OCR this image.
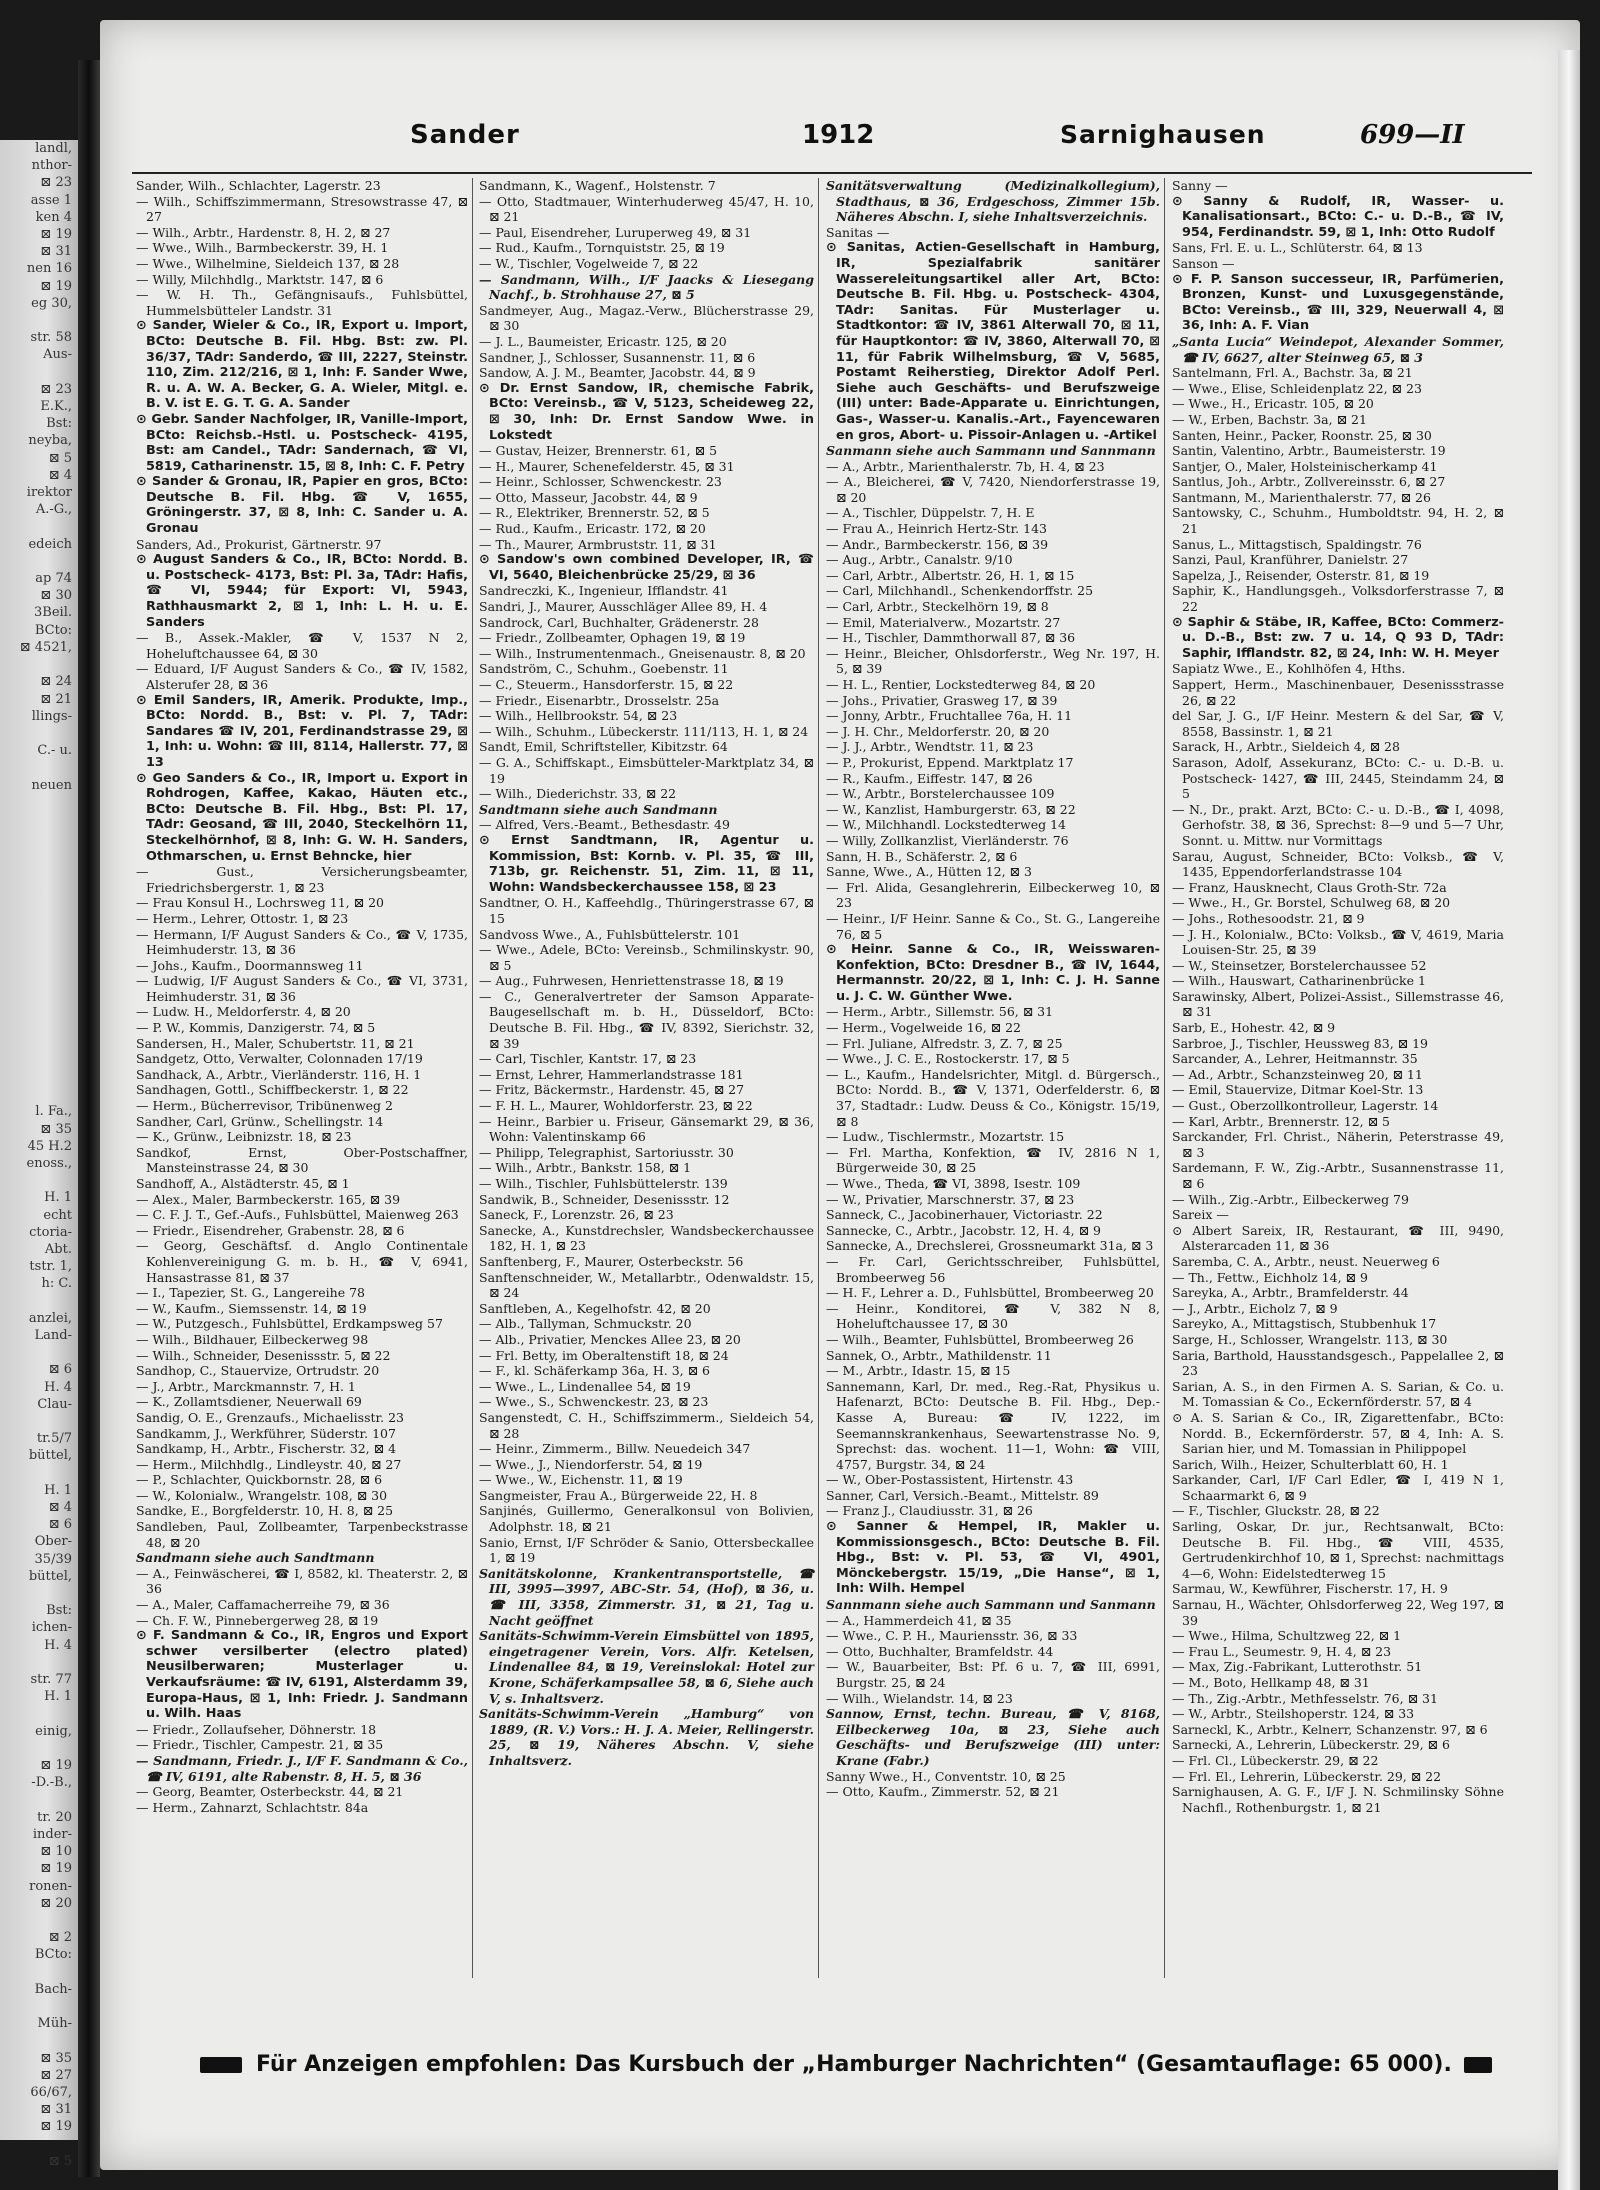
landl,
nthor-
⊠ 23
asse 1
ken 4
⊠ 19
⊠ 31
nen 16
⊠ 19
eg 30,

str. 58
Aus-

⊠ 23
E.K.,
Bst:
neyba,
⊠ 5
⊠ 4
irektor
A.-G.,

edeich

ap 74
⊠ 30
3Beil.
BCto:
⊠ 4521,

⊠ 24
⊠ 21
llings-

C.- u.

neuen

l. Fa.,
⊠ 35
45 H.2
enoss.,

H. 1
echt
ctoria-
Abt.
tstr. 1,
h: C.

anzlei,
Land-

⊠ 6
H. 4
Clau-

tr.5/7
büttel,

H. 1
⊠ 4
⊠ 6
Ober-
35/39
büttel,

Bst:
ichen-
H. 4

str. 77
H. 1

einig,

⊠ 19
-D.-B.,

tr. 20
inder-
⊠ 10
⊠ 19
ronen-
⊠ 20

⊠ 2
BCto:

Bach-

Müh-

⊠ 35
⊠ 27
66/67,
⊠ 31
⊠ 19

⊠ 5
Sander	1912	Sarnighausen	699—II
Sander, Wilh., Schlachter, Lagerstr. 23
— Wilh., Schiffszimmermann, Stresowstrasse 47, ⊠ 27
— Wilh., Arbtr., Hardenstr. 8, H. 2, ⊠ 27
— Wwe., Wilh., Barmbeckerstr. 39, H. 1
— Wwe., Wilhelmine, Sieldeich 137, ⊠ 28
— Willy, Milchhdlg., Marktstr. 147, ⊠ 6
— W. H. Th., Gefängnisaufs., Fuhlsbüttel, Hummelsbütteler Landstr. 31
⊙ Sander, Wieler & Co., IR, Export u. Import, BCto: Deutsche B. Fil. Hbg. Bst: zw. Pl. 36/37, TAdr: Sanderdo, ☎ III, 2227, Steinstr. 110, Zim. 212/216, ⊠ 1, Inh: F. Sander Wwe, R. u. A. W. A. Becker, G. A. Wieler, Mitgl. e. B. V. ist E. G. T. G. A. Sander
⊙ Gebr. Sander Nachfolger, IR, Vanille-Import, BCto: Reichsb.-Hstl. u. Postscheck- 4195, Bst: am Candel., TAdr: Sandernach, ☎ VI, 5819, Catharinenstr. 15, ⊠ 8, Inh: C. F. Petry
⊙ Sander & Gronau, IR, Papier en gros, BCto: Deutsche B. Fil. Hbg. ☎ V, 1655, Gröningerstr. 37, ⊠ 8, Inh: C. Sander u. A. Gronau
Sanders, Ad., Prokurist, Gärtnerstr. 97
⊙ August Sanders & Co., IR, BCto: Nordd. B. u. Postscheck- 4173, Bst: Pl. 3a, TAdr: Hafis, ☎ VI, 5944; für Export: VI, 5943, Rathhausmarkt 2, ⊠ 1, Inh: L. H. u. E. Sanders
— B., Assek.-Makler, ☎ V, 1537 N 2, Hoheluftchaussee 64, ⊠ 30
— Eduard, I/F August Sanders & Co., ☎ IV, 1582, Alsterufer 28, ⊠ 36
⊙ Emil Sanders, IR, Amerik. Produkte, Imp., BCto: Nordd. B., Bst: v. Pl. 7, TAdr: Sandares ☎ IV, 201, Ferdinandstrasse 29, ⊠ 1, Inh: u. Wohn: ☎ III, 8114, Hallerstr. 77, ⊠ 13
⊙ Geo Sanders & Co., IR, Import u. Export in Rohdrogen, Kaffee, Kakao, Häuten etc., BCto: Deutsche B. Fil. Hbg., Bst: Pl. 17, TAdr: Geosand, ☎ III, 2040, Steckelhörn 11, Steckelhörnhof, ⊠ 8, Inh: G. W. H. Sanders, Othmarschen, u. Ernst Behncke, hier
— Gust., Versicherungsbeamter, Friedrichsbergerstr. 1, ⊠ 23
— Frau Konsul H., Lochrsweg 11, ⊠ 20
— Herm., Lehrer, Ottostr. 1, ⊠ 23
— Hermann, I/F August Sanders & Co., ☎ V, 1735, Heimhuderstr. 13, ⊠ 36
— Johs., Kaufm., Doormannsweg 11
— Ludwig, I/F August Sanders & Co., ☎ VI, 3731, Heimhuderstr. 31, ⊠ 36
— Ludw. H., Meldorferstr. 4, ⊠ 20
— P. W., Kommis, Danzigerstr. 74, ⊠ 5
Sandersen, H., Maler, Schubertstr. 11, ⊠ 21
Sandgetz, Otto, Verwalter, Colonnaden 17/19
Sandhack, A., Arbtr., Vierländerstr. 116, H. 1
Sandhagen, Gottl., Schiffbeckerstr. 1, ⊠ 22
— Herm., Bücherrevisor, Tribünenweg 2
Sandher, Carl, Grünw., Schellingstr. 14
— K., Grünw., Leibnizstr. 18, ⊠ 23
Sandkof, Ernst, Ober-Postschaffner, Mansteinstrasse 24, ⊠ 30
Sandhoff, A., Alstädterstr. 45, ⊠ 1
— Alex., Maler, Barmbeckerstr. 165, ⊠ 39
— C. F. J. T., Gef.-Aufs., Fuhlsbüttel, Maienweg 263
— Friedr., Eisendreher, Grabenstr. 28, ⊠ 6
— Georg, Geschäftsf. d. Anglo Continentale Kohlenvereinigung G. m. b. H., ☎ V, 6941, Hansastrasse 81, ⊠ 37
— I., Tapezier, St. G., Langereihe 78
— W., Kaufm., Siemssenstr. 14, ⊠ 19
— W., Putzgesch., Fuhlsbüttel, Erdkampsweg 57
— Wilh., Bildhauer, Eilbeckerweg 98
— Wilh., Schneider, Desenissstr. 5, ⊠ 22
Sandhop, C., Stauervize, Ortrudstr. 20
— J., Arbtr., Marckmannstr. 7, H. 1
— K., Zollamtsdiener, Neuerwall 69
Sandig, O. E., Grenzaufs., Michaelisstr. 23
Sandkamm, J., Werkführer, Süderstr. 107
Sandkamp, H., Arbtr., Fischerstr. 32, ⊠ 4
— Herm., Milchhdlg., Lindleystr. 40, ⊠ 27
— P., Schlachter, Quickbornstr. 28, ⊠ 6
— W., Kolonialw., Wrangelstr. 108, ⊠ 30
Sandke, E., Borgfelderstr. 10, H. 8, ⊠ 25
Sandleben, Paul, Zollbeamter, Tarpenbeckstrasse 48, ⊠ 20
Sandmann siehe auch Sandtmann
— A., Feinwäscherei, ☎ I, 8582, kl. Theaterstr. 2, ⊠ 36
— A., Maler, Caffamacherreihe 79, ⊠ 36
— Ch. F. W., Pinnebergerweg 28, ⊠ 19
⊙ F. Sandmann & Co., IR, Engros und Export schwer versilberter (electro plated) Neusilberwaren; Musterlager u. Verkaufsräume: ☎ IV, 6191, Alsterdamm 39, Europa-Haus, ⊠ 1, Inh: Friedr. J. Sandmann u. Wilh. Haas
— Friedr., Zollaufseher, Döhnerstr. 18
— Friedr., Tischler, Campestr. 21, ⊠ 35
— Sandmann, Friedr. J., I/F F. Sandmann & Co., ☎ IV, 6191, alte Rabenstr. 8, H. 5, ⊠ 36
— Georg, Beamter, Osterbeckstr. 44, ⊠ 21
— Herm., Zahnarzt, Schlachtstr. 84a
Sandmann, K., Wagenf., Holstenstr. 7
— Otto, Stadtmauer, Winterhuderweg 45/47, H. 10, ⊠ 21
— Paul, Eisendreher, Luruperweg 49, ⊠ 31
— Rud., Kaufm., Tornquiststr. 25, ⊠ 19
— W., Tischler, Vogelweide 7, ⊠ 22
— Sandmann, Wilh., I/F Jaacks & Liesegang Nachf., b. Strohhause 27, ⊠ 5
Sandmeyer, Aug., Magaz.-Verw., Blücherstrasse 29, ⊠ 30
— J. L., Baumeister, Ericastr. 125, ⊠ 20
Sandner, J., Schlosser, Susannenstr. 11, ⊠ 6
Sandow, A. J. M., Beamter, Jacobstr. 44, ⊠ 9
⊙ Dr. Ernst Sandow, IR, chemische Fabrik, BCto: Vereinsb., ☎ V, 5123, Scheideweg 22, ⊠ 30, Inh: Dr. Ernst Sandow Wwe. in Lokstedt
— Gustav, Heizer, Brennerstr. 61, ⊠ 5
— H., Maurer, Schenefelderstr. 45, ⊠ 31
— Heinr., Schlosser, Schwenckestr. 23
— Otto, Masseur, Jacobstr. 44, ⊠ 9
— R., Elektriker, Brennerstr. 52, ⊠ 5
— Rud., Kaufm., Ericastr. 172, ⊠ 20
— Th., Maurer, Armbruststr. 11, ⊠ 31
⊙ Sandow's own combined Developer, IR, ☎ VI, 5640, Bleichenbrücke 25/29, ⊠ 36
Sandreczki, K., Ingenieur, Ifflandstr. 41
Sandri, J., Maurer, Ausschläger Allee 89, H. 4
Sandrock, Carl, Buchhalter, Grädenerstr. 28
— Friedr., Zollbeamter, Ophagen 19, ⊠ 19
— Wilh., Instrumentenmach., Gneisenaustr. 8, ⊠ 20
Sandström, C., Schuhm., Goebenstr. 11
— C., Steuerm., Hansdorferstr. 15, ⊠ 22
— Friedr., Eisenarbtr., Drosselstr. 25a
— Wilh., Hellbrookstr. 54, ⊠ 23
— Wilh., Schuhm., Lübeckerstr. 111/113, H. 1, ⊠ 24
Sandt, Emil, Schriftsteller, Kibitzstr. 64
— G. A., Schiffskapt., Eimsbütteler-Marktplatz 34, ⊠ 19
— Wilh., Diederichstr. 33, ⊠ 22
Sandtmann siehe auch Sandmann
— Alfred, Vers.-Beamt., Bethesdastr. 49
⊙ Ernst Sandtmann, IR, Agentur u. Kommission, Bst: Kornb. v. Pl. 35, ☎ III, 713b, gr. Reichenstr. 51, Zim. 11, ⊠ 11, Wohn: Wandsbeckerchaussee 158, ⊠ 23
Sandtner, O. H., Kaffeehdlg., Thüringerstrasse 67, ⊠ 15
Sandvoss Wwe., A., Fuhlsbüttelerstr. 101
— Wwe., Adele, BCto: Vereinsb., Schmilinskystr. 90, ⊠ 5
— Aug., Fuhrwesen, Henriettenstrasse 18, ⊠ 19
— C., Generalvertreter der Samson Apparate-Baugesellschaft m. b. H., Düsseldorf, BCto: Deutsche B. Fil. Hbg., ☎ IV, 8392, Sierichstr. 32, ⊠ 39
— Carl, Tischler, Kantstr. 17, ⊠ 23
— Ernst, Lehrer, Hammerlandstrasse 181
— Fritz, Bäckermstr., Hardenstr. 45, ⊠ 27
— F. H. L., Maurer, Wohldorferstr. 23, ⊠ 22
— Heinr., Barbier u. Friseur, Gänsemarkt 29, ⊠ 36, Wohn: Valentinskamp 66
— Philipp, Telegraphist, Sartoriusstr. 30
— Wilh., Arbtr., Bankstr. 158, ⊠ 1
— Wilh., Tischler, Fuhlsbüttelerstr. 139
Sandwik, B., Schneider, Desenissstr. 12
Saneck, F., Lorenzstr. 26, ⊠ 23
Sanecke, A., Kunstdrechsler, Wandsbeckerchaussee 182, H. 1, ⊠ 23
Sanftenberg, F., Maurer, Osterbeckstr. 56
Sanftenschneider, W., Metallarbtr., Odenwaldstr. 15, ⊠ 24
Sanftleben, A., Kegelhofstr. 42, ⊠ 20
— Alb., Tallyman, Schmuckstr. 20
— Alb., Privatier, Menckes Allee 23, ⊠ 20
— Frl. Betty, im Oberaltenstift 18, ⊠ 24
— F., kl. Schäferkamp 36a, H. 3, ⊠ 6
— Wwe., L., Lindenallee 54, ⊠ 19
— Wwe., S., Schwenckestr. 23, ⊠ 23
Sangenstedt, C. H., Schiffszimmerm., Sieldeich 54, ⊠ 28
— Heinr., Zimmerm., Billw. Neuedeich 347
— Wwe., J., Niendorferstr. 54, ⊠ 19
— Wwe., W., Eichenstr. 11, ⊠ 19
Sangmeister, Frau A., Bürgerweide 22, H. 8
Sanjinés, Guillermo, Generalkonsul von Bolivien, Adolphstr. 18, ⊠ 21
Sanio, Ernst, I/F Schröder & Sanio, Ottersbeckallee 1, ⊠ 19
Sanitätskolonne, Krankentransportstelle, ☎ III, 3995—3997, ABC-Str. 54, (Hof), ⊠ 36, u. ☎ III, 3358, Zimmerstr. 31, ⊠ 21, Tag u. Nacht geöffnet
Sanitäts-Schwimm-Verein Eimsbüttel von 1895, eingetragener Verein, Vors. Alfr. Ketelsen, Lindenallee 84, ⊠ 19, Vereinslokal: Hotel zur Krone, Schäferkampsallee 58, ⊠ 6, Siehe auch V, s. Inhaltsverz.
Sanitäts-Schwimm-Verein „Hamburg“ von 1889, (R. V.) Vors.: H. J. A. Meier, Rellingerstr. 25, ⊠ 19, Näheres Abschn. V, siehe Inhaltsverz.
Sanitätsverwaltung (Medizinalkollegium), Stadthaus, ⊠ 36, Erdgeschoss, Zimmer 15b. Näheres Abschn. I, siehe Inhaltsverzeichnis.
Sanitas —
⊙ Sanitas, Actien-Gesellschaft in Hamburg, IR, Spezialfabrik sanitärer Wassereleitungsartikel aller Art, BCto: Deutsche B. Fil. Hbg. u. Postscheck- 4304, TAdr: Sanitas. Für Musterlager u. Stadtkontor: ☎ IV, 3861 Alterwall 70, ⊠ 11, für Hauptkontor: ☎ IV, 3860, Alterwall 70, ⊠ 11, für Fabrik Wilhelmsburg, ☎ V, 5685, Postamt Reiherstieg, Direktor Adolf Perl. Siehe auch Geschäfts- und Berufszweige (III) unter: Bade-Apparate u. Einrichtungen, Gas-, Wasser-u. Kanalis.-Art., Fayencewaren en gros, Abort- u. Pissoir-Anlagen u. -Artikel
Sanmann siehe auch Sammann und Sannmann
— A., Arbtr., Marienthalerstr. 7b, H. 4, ⊠ 23
— A., Bleicherei, ☎ V, 7420, Niendorferstrasse 19, ⊠ 20
— A., Tischler, Düppelstr. 7, H. E
— Frau A., Heinrich Hertz-Str. 143
— Andr., Barmbeckerstr. 156, ⊠ 39
— Aug., Arbtr., Canalstr. 9/10
— Carl, Arbtr., Albertstr. 26, H. 1, ⊠ 15
— Carl, Milchhandl., Schenkendorffstr. 25
— Carl, Arbtr., Steckelhörn 19, ⊠ 8
— Emil, Materialverw., Mozartstr. 27
— H., Tischler, Dammthorwall 87, ⊠ 36
— Heinr., Bleicher, Ohlsdorferstr., Weg Nr. 197, H. 5, ⊠ 39
— H. L., Rentier, Lockstedterweg 84, ⊠ 20
— Johs., Privatier, Grasweg 17, ⊠ 39
— Jonny, Arbtr., Fruchtallee 76a, H. 11
— J. H. Chr., Meldorferstr. 20, ⊠ 20
— J. J., Arbtr., Wendtstr. 11, ⊠ 23
— P., Prokurist, Eppend. Marktplatz 17
— R., Kaufm., Eiffestr. 147, ⊠ 26
— W., Arbtr., Borstelerchaussee 109
— W., Kanzlist, Hamburgerstr. 63, ⊠ 22
— W., Milchhandl. Lockstedterweg 14
— Willy, Zollkanzlist, Vierländerstr. 76
Sann, H. B., Schäferstr. 2, ⊠ 6
Sanne, Wwe., A., Hütten 12, ⊠ 3
— Frl. Alida, Gesanglehrerin, Eilbeckerweg 10, ⊠ 23
— Heinr., I/F Heinr. Sanne & Co., St. G., Langereihe 76, ⊠ 5
⊙ Heinr. Sanne & Co., IR, Weisswaren-Konfektion, BCto: Dresdner B., ☎ IV, 1644, Hermannstr. 20/22, ⊠ 1, Inh: C. J. H. Sanne u. J. C. W. Günther Wwe.
— Herm., Arbtr., Sillemstr. 56, ⊠ 31
— Herm., Vogelweide 16, ⊠ 22
— Frl. Juliane, Alfredstr. 3, Z. 7, ⊠ 25
— Wwe., J. C. E., Rostockerstr. 17, ⊠ 5
— L., Kaufm., Handelsrichter, Mitgl. d. Bürgersch., BCto: Nordd. B., ☎ V, 1371, Oderfelderstr. 6, ⊠ 37, Stadtadr.: Ludw. Deuss & Co., Königstr. 15/19, ⊠ 8
— Ludw., Tischlermstr., Mozartstr. 15
— Frl. Martha, Konfektion, ☎ IV, 2816 N 1, Bürgerweide 30, ⊠ 25
— Wwe., Theda, ☎ VI, 3898, Isestr. 109
— W., Privatier, Marschnerstr. 37, ⊠ 23
Sanneck, C., Jacobinerhauer, Victoriastr. 22
Sannecke, C., Arbtr., Jacobstr. 12, H. 4, ⊠ 9
Sannecke, A., Drechslerei, Grossneumarkt 31a, ⊠ 3
— Fr. Carl, Gerichtsschreiber, Fuhlsbüttel, Brombeerweg 56
— H. F., Lehrer a. D., Fuhlsbüttel, Brombeerweg 20
— Heinr., Konditorei, ☎ V, 382 N 8, Hoheluftchaussee 17, ⊠ 30
— Wilh., Beamter, Fuhlsbüttel, Brombeerweg 26
Sannek, O., Arbtr., Mathildenstr. 11
— M., Arbtr., Idastr. 15, ⊠ 15
Sannemann, Karl, Dr. med., Reg.-Rat, Physikus u. Hafenarzt, BCto: Deutsche B. Fil. Hbg., Dep.-Kasse A, Bureau: ☎ IV, 1222, im Seemannskrankenhaus, Seewartenstrasse No. 9, Sprechst: das. wochent. 11—1, Wohn: ☎ VIII, 4757, Burgstr. 34, ⊠ 24
— W., Ober-Postassistent, Hirtenstr. 43
Sanner, Carl, Versich.-Beamt., Mittelstr. 89
— Franz J., Claudiusstr. 31, ⊠ 26
⊙ Sanner & Hempel, IR, Makler u. Kommissionsgesch., BCto: Deutsche B. Fil. Hbg., Bst: v. Pl. 53, ☎ VI, 4901, Mönckebergstr. 15/19, „Die Hanse“, ⊠ 1, Inh: Wilh. Hempel
Sannmann siehe auch Sammann und Sanmann
— A., Hammerdeich 41, ⊠ 35
— Wwe., C. P. H., Mauriensstr. 36, ⊠ 33
— Otto, Buchhalter, Bramfeldstr. 44
— W., Bauarbeiter, Bst: Pf. 6 u. 7, ☎ III, 6991, Burgstr. 25, ⊠ 24
— Wilh., Wielandstr. 14, ⊠ 23
Sannow, Ernst, techn. Bureau, ☎ V, 8168, Eilbeckerweg 10a, ⊠ 23, Siehe auch Geschäfts- und Berufszweige (III) unter: Krane (Fabr.)
Sanny Wwe., H., Conventstr. 10, ⊠ 25
— Otto, Kaufm., Zimmerstr. 52, ⊠ 21
Sanny —
⊙ Sanny & Rudolf, IR, Wasser- u. Kanalisationsart., BCto: C.- u. D.-B., ☎ IV, 954, Ferdinandstr. 59, ⊠ 1, Inh: Otto Rudolf
Sans, Frl. E. u. L., Schlüterstr. 64, ⊠ 13
Sanson —
⊙ F. P. Sanson successeur, IR, Parfümerien, Bronzen, Kunst- und Luxusgegenstände, BCto: Vereinsb., ☎ III, 329, Neuerwall 4, ⊠ 36, Inh: A. F. Vian
„Santa Lucia“ Weindepot, Alexander Sommer, ☎ IV, 6627, alter Steinweg 65, ⊠ 3
Santelmann, Frl. A., Bachstr. 3a, ⊠ 21
— Wwe., Elise, Schleidenplatz 22, ⊠ 23
— Wwe., H., Ericastr. 105, ⊠ 20
— W., Erben, Bachstr. 3a, ⊠ 21
Santen, Heinr., Packer, Roonstr. 25, ⊠ 30
Santin, Valentino, Arbtr., Baumeisterstr. 19
Santjer, O., Maler, Holsteinischerkamp 41
Santlus, Joh., Arbtr., Zollvereinsstr. 6, ⊠ 27
Santmann, M., Marienthalerstr. 77, ⊠ 26
Santowsky, C., Schuhm., Humboldtstr. 94, H. 2, ⊠ 21
Sanus, L., Mittagstisch, Spaldingstr. 76
Sanzi, Paul, Kranführer, Danielstr. 27
Sapelza, J., Reisender, Osterstr. 81, ⊠ 19
Saphir, K., Handlungsgeh., Volksdorferstrasse 7, ⊠ 22
⊙ Saphir & Stäbe, IR, Kaffee, BCto: Commerz- u. D.-B., Bst: zw. 7 u. 14, Q 93 D, TAdr: Saphir, Ifflandstr. 82, ⊠ 24, Inh: W. H. Meyer
Sapiatz Wwe., E., Kohlhöfen 4, Hths.
Sappert, Herm., Maschinenbauer, Desenissstrasse 26, ⊠ 22
del Sar, J. G., I/F Heinr. Mestern & del Sar, ☎ V, 8558, Bassinstr. 1, ⊠ 21
Sarack, H., Arbtr., Sieldeich 4, ⊠ 28
Sarason, Adolf, Assekuranz, BCto: C.- u. D.-B. u. Postscheck- 1427, ☎ III, 2445, Steindamm 24, ⊠ 5
— N., Dr., prakt. Arzt, BCto: C.- u. D.-B., ☎ I, 4098, Gerhofstr. 38, ⊠ 36, Sprechst: 8—9 und 5—7 Uhr, Sonnt. u. Mittw. nur Vormittags
Sarau, August, Schneider, BCto: Volksb., ☎ V, 1435, Eppendorferlandstrasse 104
— Franz, Hausknecht, Claus Groth-Str. 72a
— Wwe., H., Gr. Borstel, Schulweg 68, ⊠ 20
— Johs., Rothesoodstr. 21, ⊠ 9
— J. H., Kolonialw., BCto: Volksb., ☎ V, 4619, Maria Louisen-Str. 25, ⊠ 39
— W., Steinsetzer, Borstelerchaussee 52
— Wilh., Hauswart, Catharinenbrücke 1
Sarawinsky, Albert, Polizei-Assist., Sillemstrasse 46, ⊠ 31
Sarb, E., Hohestr. 42, ⊠ 9
Sarbroe, J., Tischler, Heussweg 83, ⊠ 19
Sarcander, A., Lehrer, Heitmannstr. 35
— Ad., Arbtr., Schanzsteinweg 20, ⊠ 11
— Emil, Stauervize, Ditmar Koel-Str. 13
— Gust., Oberzollkontrolleur, Lagerstr. 14
— Karl, Arbtr., Brennerstr. 12, ⊠ 5
Sarckander, Frl. Christ., Näherin, Peterstrasse 49, ⊠ 3
Sardemann, F. W., Zig.-Arbtr., Susannenstrasse 11, ⊠ 6
— Wilh., Zig.-Arbtr., Eilbeckerweg 79
Sareix —
⊙ Albert Sareix, IR, Restaurant, ☎ III, 9490, Alsterarcaden 11, ⊠ 36
Saremba, C. A., Arbtr., neust. Neuerweg 6
— Th., Fettw., Eichholz 14, ⊠ 9
Sareyka, A., Arbtr., Bramfelderstr. 44
— J., Arbtr., Eicholz 7, ⊠ 9
Sareyko, A., Mittagstisch, Stubbenhuk 17
Sarge, H., Schlosser, Wrangelstr. 113, ⊠ 30
Saria, Barthold, Hausstandsgesch., Pappelallee 2, ⊠ 23
Sarian, A. S., in den Firmen A. S. Sarian, & Co. u. M. Tomassian & Co., Eckernförderstr. 57, ⊠ 4
⊙ A. S. Sarian & Co., IR, Zigarettenfabr., BCto: Nordd. B., Eckernförderstr. 57, ⊠ 4, Inh: A. S. Sarian hier, und M. Tomassian in Philippopel
Sarich, Wilh., Heizer, Schulterblatt 60, H. 1
Sarkander, Carl, I/F Carl Edler, ☎ I, 419 N 1, Schaarmarkt 6, ⊠ 9
— F., Tischler, Gluckstr. 28, ⊠ 22
Sarling, Oskar, Dr. jur., Rechtsanwalt, BCto: Deutsche B. Fil. Hbg., ☎ VIII, 4535, Gertrudenkirchhof 10, ⊠ 1, Sprechst: nachmittags 4—6, Wohn: Eidelstedterweg 15
Sarmau, W., Kewführer, Fischerstr. 17, H. 9
Sarnau, H., Wächter, Ohlsdorferweg 22, Weg 197, ⊠ 39
— Wwe., Hilma, Schultzweg 22, ⊠ 1
— Frau L., Seumestr. 9, H. 4, ⊠ 23
— Max, Zig.-Fabrikant, Lutterothstr. 51
— M., Boto, Hellkamp 48, ⊠ 31
— Th., Zig.-Arbtr., Methfesselstr. 76, ⊠ 31
— W., Arbtr., Steilshoperstr. 124, ⊠ 33
Sarneckl, K., Arbtr., Kelnerr, Schanzenstr. 97, ⊠ 6
Sarnecki, A., Lehrerin, Lübeckerstr. 29, ⊠ 6
— Frl. Cl., Lübeckerstr. 29, ⊠ 22
— Frl. El., Lehrerin, Lübeckerstr. 29, ⊠ 22
Sarnighausen, A. G. F., I/F J. N. Schmilinsky Söhne Nachfl., Rothenburgstr. 1, ⊠ 21
Für Anzeigen empfohlen: Das Kursbuch der „Hamburger Nachrichten“ (Gesamtauflage: 65 000).
